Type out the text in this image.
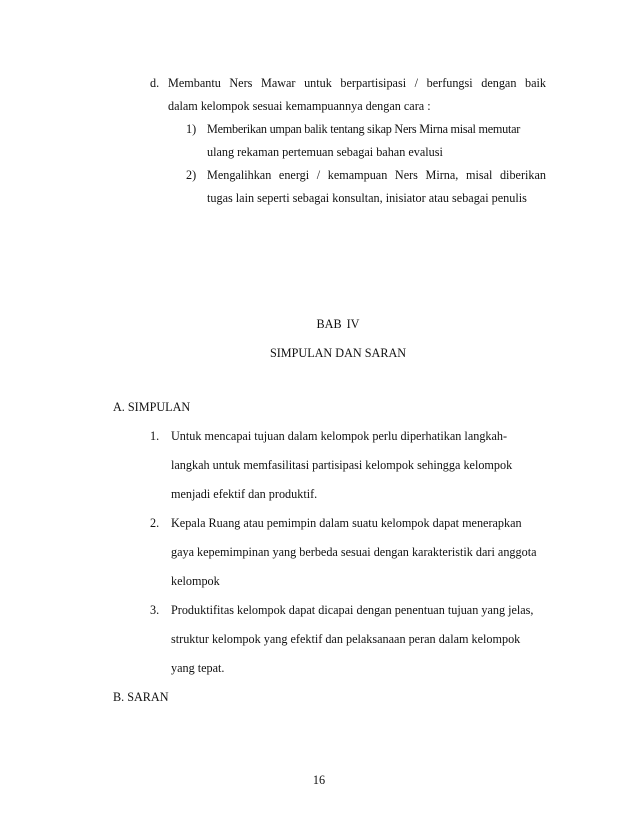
d. Membantu Ners Mawar untuk berpartisipasi / berfungsi dengan baik
dalam kelompok sesuai kemampuannya dengan cara :
1) Memberikan umpan balik tentang sikap Ners Mirna misal memutar
ulang rekaman pertemuan sebagai bahan evalusi
2) Mengalihkan energi / kemampuan Ners Mirna, misal diberikan
tugas lain seperti sebagai konsultan, inisiator atau sebagai penulis
BAB IV
SIMPULAN DAN SARAN
A. SIMPULAN
1. Untuk mencapai tujuan dalam kelompok perlu diperhatikan langkah-
langkah untuk memfasilitasi partisipasi kelompok sehingga kelompok
menjadi efektif dan produktif.
2. Kepala Ruang atau pemimpin dalam suatu kelompok dapat menerapkan
gaya kepemimpinan yang berbeda sesuai dengan karakteristik dari anggota
kelompok
3. Produktifitas kelompok dapat dicapai dengan penentuan tujuan yang jelas,
struktur kelompok yang efektif dan pelaksanaan peran dalam kelompok
yang tepat.
B. SARAN
16
